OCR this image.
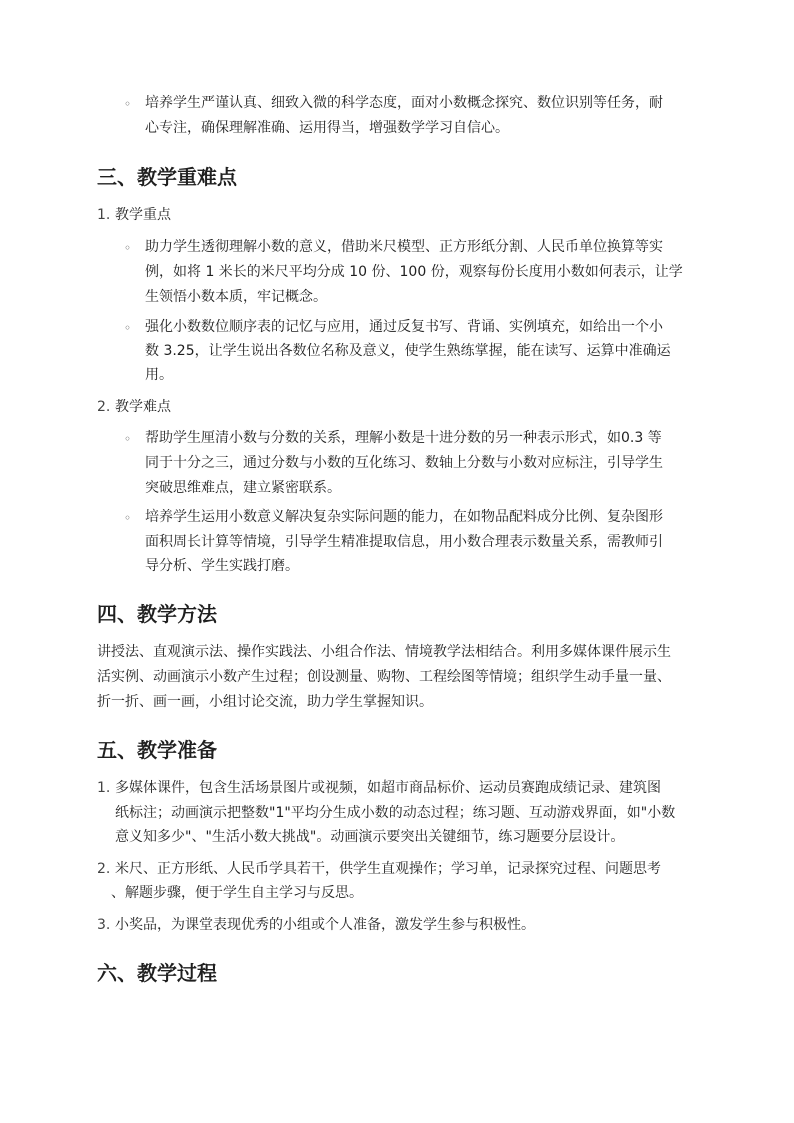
◦ 培养学生严谨认真、细致入微的科学态度，面对小数概念探究、数位识别等任务，耐
心专注，确保理解准确、运用得当，增强数学学习自信心。
三、教学重难点
1. 教学重点
◦ 助力学生透彻理解小数的意义，借助米尺模型、正方形纸分割、人民币单位换算等实
例，如将 1 米长的米尺平均分成 10 份、100 份，观察每份长度用小数如何表示，让学
生领悟小数本质，牢记概念。
◦ 强化小数数位顺序表的记忆与应用，通过反复书写、背诵、实例填充，如给出一个小
数 3.25，让学生说出各数位名称及意义，使学生熟练掌握，能在读写、运算中准确运
用。
2. 教学难点
◦ 帮助学生厘清小数与分数的关系，理解小数是十进分数的另一种表示形式，如0.3 等
同于十分之三，通过分数与小数的互化练习、数轴上分数与小数对应标注，引导学生
突破思维难点，建立紧密联系。
◦ 培养学生运用小数意义解决复杂实际问题的能力，在如物品配料成分比例、复杂图形
面积周长计算等情境，引导学生精准提取信息，用小数合理表示数量关系，需教师引
导分析、学生实践打磨。
四、教学方法
讲授法、直观演示法、操作实践法、小组合作法、情境教学法相结合。利用多媒体课件展示生
活实例、动画演示小数产生过程；创设测量、购物、工程绘图等情境；组织学生动手量一量、
折一折、画一画，小组讨论交流，助力学生掌握知识。
五、教学准备
1. 多媒体课件，包含生活场景图片或视频，如超市商品标价、运动员赛跑成绩记录、建筑图
纸标注；动画演示把整数"1"平均分生成小数的动态过程；练习题、互动游戏界面，如"小数
意义知多少"、"生活小数大挑战"。动画演示要突出关键细节，练习题要分层设计。
2. 米尺、正方形纸、人民币学具若干，供学生直观操作；学习单，记录探究过程、问题思考
、解题步骤，便于学生自主学习与反思。
3. 小奖品，为课堂表现优秀的小组或个人准备，激发学生参与积极性。
六、教学过程
